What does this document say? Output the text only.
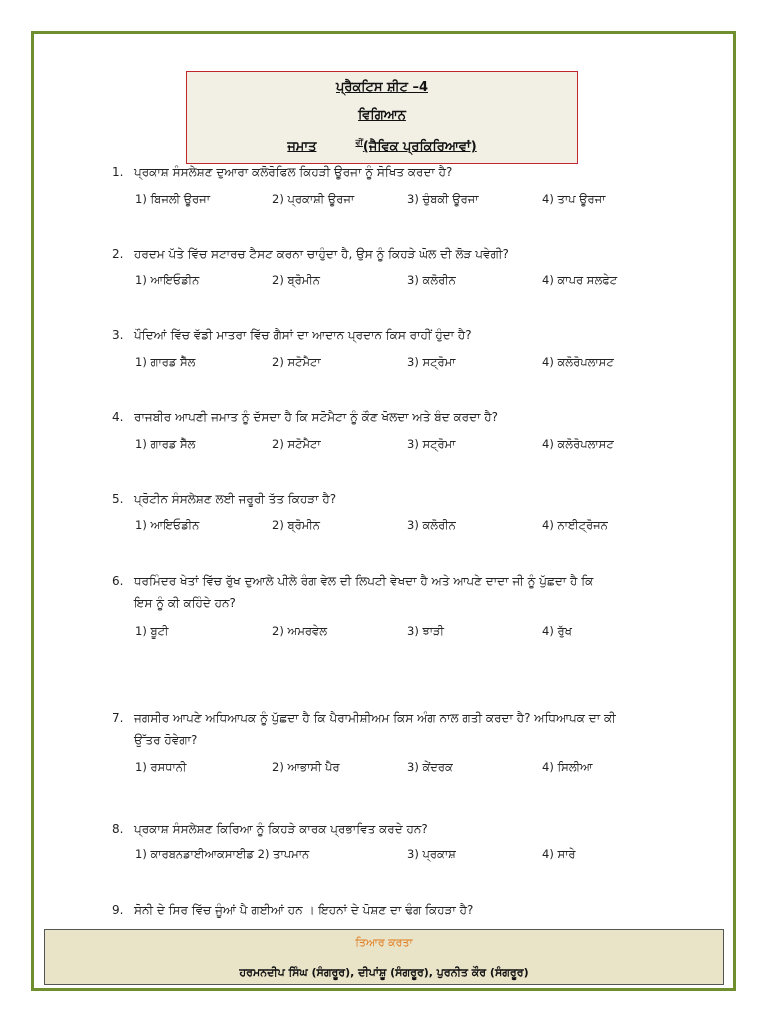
ਪ੍ਰੈਕਟਿਸ ਸ਼ੀਟ –4
ਵਿਗਿਆਨ
ਜਮਾਤ	$^{ਵੀਂ}$(ਜੈਵਿਕ ਪ੍ਰਕਿਰਿਆਵਾਂ)
1. ਪ੍ਰਕਾਸ਼ ਸੰਸਲੇਸ਼ਣ ਦੁਆਰਾ ਕਲੋਰੋਫਿਲ ਕਿਹੜੀ ਊਰਜਾ ਨੂੰ ਸੋਖਿਤ ਕਰਦਾ ਹੈ?
1) ਬਿਜਲੀ ਊਰਜਾ	2) ਪ੍ਰਕਾਸ਼ੀ ਊਰਜਾ	3) ਚੁੰਬਕੀ ਊਰਜਾ	4) ਤਾਪ ਊਰਜਾ
2. ਹਰਦਮ ਪੱਤੇ ਵਿੱਚ ਸਟਾਰਚ ਟੈਸਟ ਕਰਨਾ ਚਾਹੁੰਦਾ ਹੈ, ਉਸ ਨੂੰ ਕਿਹੜੇ ਘੋਲ ਦੀ ਲੋੜ ਪਵੇਗੀ?
1) ਆਇਓਡੀਨ	2) ਬ੍ਰੋਮੀਨ	3) ਕਲੋਰੀਨ	4) ਕਾਪਰ ਸਲਫੇਟ
3. ਪੌਦਿਆਂ ਵਿੱਚ ਵੱਡੀ ਮਾਤਰਾ ਵਿੱਚ ਗੈਸਾਂ ਦਾ ਆਦਾਨ ਪ੍ਰਦਾਨ ਕਿਸ ਰਾਹੀਂ ਹੁੰਦਾ ਹੈ?
1) ਗਾਰਡ ਸੈੱਲ	2) ਸਟੋਮੈਟਾ	3) ਸਟ੍ਰੋਮਾ	4) ਕਲੋਰੋਪਲਾਸਟ
4. ਰਾਜਬੀਰ ਆਪਣੀ ਜਮਾਤ ਨੂੰ ਦੱਸਦਾ ਹੈ ਕਿ ਸਟੋਮੈਟਾ ਨੂੰ ਕੌਣ ਖੋਲਦਾ ਅਤੇ ਬੰਦ ਕਰਦਾ ਹੈ?
1) ਗਾਰਡ ਸੈੱਲ	2) ਸਟੋਮੈਟਾ	3) ਸਟ੍ਰੋਮਾ	4) ਕਲੋਰੋਪਲਾਸਟ
5. ਪ੍ਰੋਟੀਨ ਸੰਸਲੇਸ਼ਣ ਲਈ ਜਰੂਰੀ ਤੱਤ ਕਿਹੜਾ ਹੈ?
1) ਆਇਓਡੀਨ	2) ਬ੍ਰੋਮੀਨ	3) ਕਲੋਰੀਨ	4) ਨਾਈਟ੍ਰੋਜਨ
6. ਧਰਮਿੰਦਰ ਖੇਤਾਂ ਵਿੱਚ ਰੁੱਖ ਦੁਆਲੇ ਪੀਲੇ ਰੰਗ ਵੇਲ ਦੀ ਲਿਪਟੀ ਵੇਖਦਾ ਹੈ ਅਤੇ ਆਪਣੇ ਦਾਦਾ ਜੀ ਨੂੰ ਪੁੱਛਦਾ ਹੈ ਕਿ
ਇਸ ਨੂੰ ਕੀ ਕਹਿੰਦੇ ਹਨ?
1) ਬੂਟੀ	2) ਅਮਰਵੇਲ	3) ਝਾੜੀ	4) ਰੁੱਖ
7. ਜਗਸੀਰ ਆਪਣੇ ਅਧਿਆਪਕ ਨੂੰ ਪੁੱਛਦਾ ਹੈ ਕਿ ਪੈਰਾਮੀਸ਼ੀਅਮ ਕਿਸ ਅੰਗ ਨਾਲ ਗਤੀ ਕਰਦਾ ਹੈ? ਅਧਿਆਪਕ ਦਾ ਕੀ
ਉੱਤਰ ਹੋਵੇਗਾ?
1) ਰਸਧਾਨੀ	2) ਆਭਾਸੀ ਪੈਰ	3) ਕੇਂਦਰਕ	4) ਸਿਲੀਆ
8. ਪ੍ਰਕਾਸ਼ ਸੰਸਲੇਸ਼ਣ ਕਿਰਿਆ ਨੂੰ ਕਿਹੜੇ ਕਾਰਕ ਪ੍ਰਭਾਵਿਤ ਕਰਦੇ ਹਨ?
1) ਕਾਰਬਨਡਾਈਆਕਸਾਈਡ 2) ਤਾਪਮਾਨ	3) ਪ੍ਰਕਾਸ਼	4) ਸਾਰੇ
9. ਸੋਨੀ ਦੇ ਸਿਰ ਵਿੱਚ ਜੂੰਆਂ ਪੈ ਗਈਆਂ ਹਨ । ਇਹਨਾਂ ਦੇ ਪੋਸ਼ਣ ਦਾ ਢੰਗ ਕਿਹੜਾ ਹੈ?
ਤਿਆਰ ਕਰਤਾ
ਹਰਮਨਦੀਪ ਸਿੰਘ (ਸੰਗਰੂਰ), ਦੀਪਾਂਸ਼ੂ (ਸੰਗਰੂਰ), ਪੁਰਨੀਤ ਕੌਰ (ਸੰਗਰੂਰ)
